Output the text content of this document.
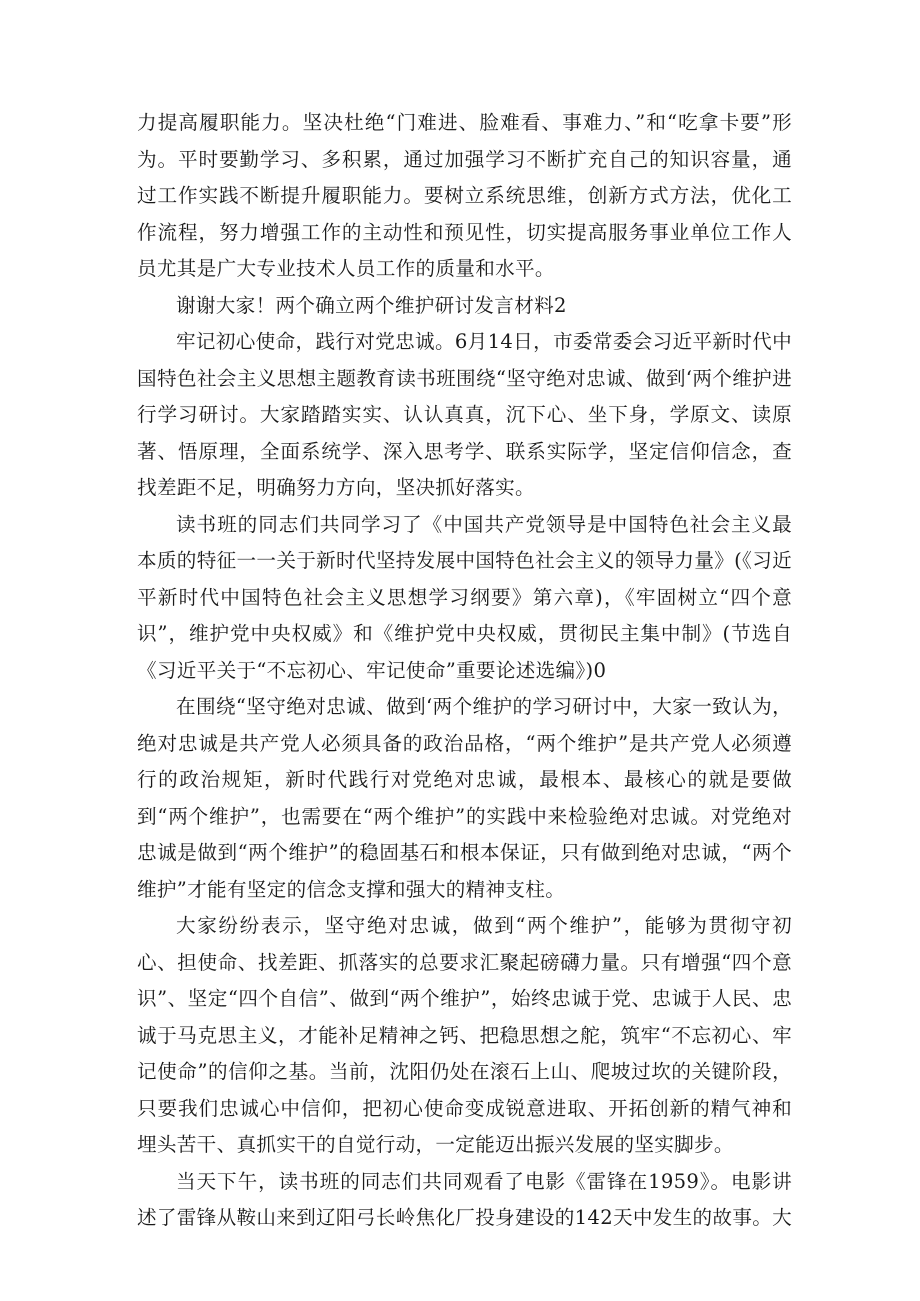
力提高履职能力。坚决杜绝“门难进、脸难看、事难力、”和“吃拿卡要”形为。平时要勤学习、多积累，通过加强学习不断扩充自己的知识容量，通过工作实践不断提升履职能力。要树立系统思维，创新方式方法，优化工作流程，努力增强工作的主动性和预见性，切实提高服务事业单位工作人员尤其是广大专业技术人员工作的质量和水平。

谢谢大家！两个确立两个维护研讨发言材料2

牢记初心使命，践行对党忠诚。6月14日，市委常委会习近平新时代中国特色社会主义思想主题教育读书班围绕“坚守绝对忠诚、做到‘两个维护进行学习研讨。大家踏踏实实、认认真真，沉下心、坐下身，学原文、读原著、悟原理，全面系统学、深入思考学、联系实际学，坚定信仰信念，查找差距不足，明确努力方向，坚决抓好落实。

读书班的同志们共同学习了《中国共产党领导是中国特色社会主义最本质的特征一一关于新时代坚持发展中国特色社会主义的领导力量》(《习近平新时代中国特色社会主义思想学习纲要》第六章)，《牢固树立“四个意识”，维护党中央权威》和《维护党中央权威，贯彻民主集中制》(节选自《习近平关于“不忘初心、牢记使命”重要论述选编》)0

在围绕“坚守绝对忠诚、做到‘两个维护的学习研讨中，大家一致认为，绝对忠诚是共产党人必须具备的政治品格，“两个维护”是共产党人必须遵行的政治规矩，新时代践行对党绝对忠诚，最根本、最核心的就是要做到“两个维护”，也需要在“两个维护”的实践中来检验绝对忠诚。对党绝对忠诚是做到“两个维护”的稳固基石和根本保证，只有做到绝对忠诚，“两个维护”才能有坚定的信念支撑和强大的精神支柱。

大家纷纷表示，坚守绝对忠诚，做到“两个维护”，能够为贯彻守初心、担使命、找差距、抓落实的总要求汇聚起磅礴力量。只有增强“四个意识”、坚定“四个自信”、做到“两个维护”，始终忠诚于党、忠诚于人民、忠诚于马克思主义，才能补足精神之钙、把稳思想之舵，筑牢“不忘初心、牢记使命”的信仰之基。当前，沈阳仍处在滚石上山、爬坡过坎的关键阶段，只要我们忠诚心中信仰，把初心使命变成锐意进取、开拓创新的精气神和埋头苦干、真抓实干的自觉行动，一定能迈出振兴发展的坚实脚步。

当天下午，读书班的同志们共同观看了电影《雷锋在1959》。电影讲述了雷锋从鞍山来到辽阳弓长岭焦化厂投身建设的142天中发生的故事。大
